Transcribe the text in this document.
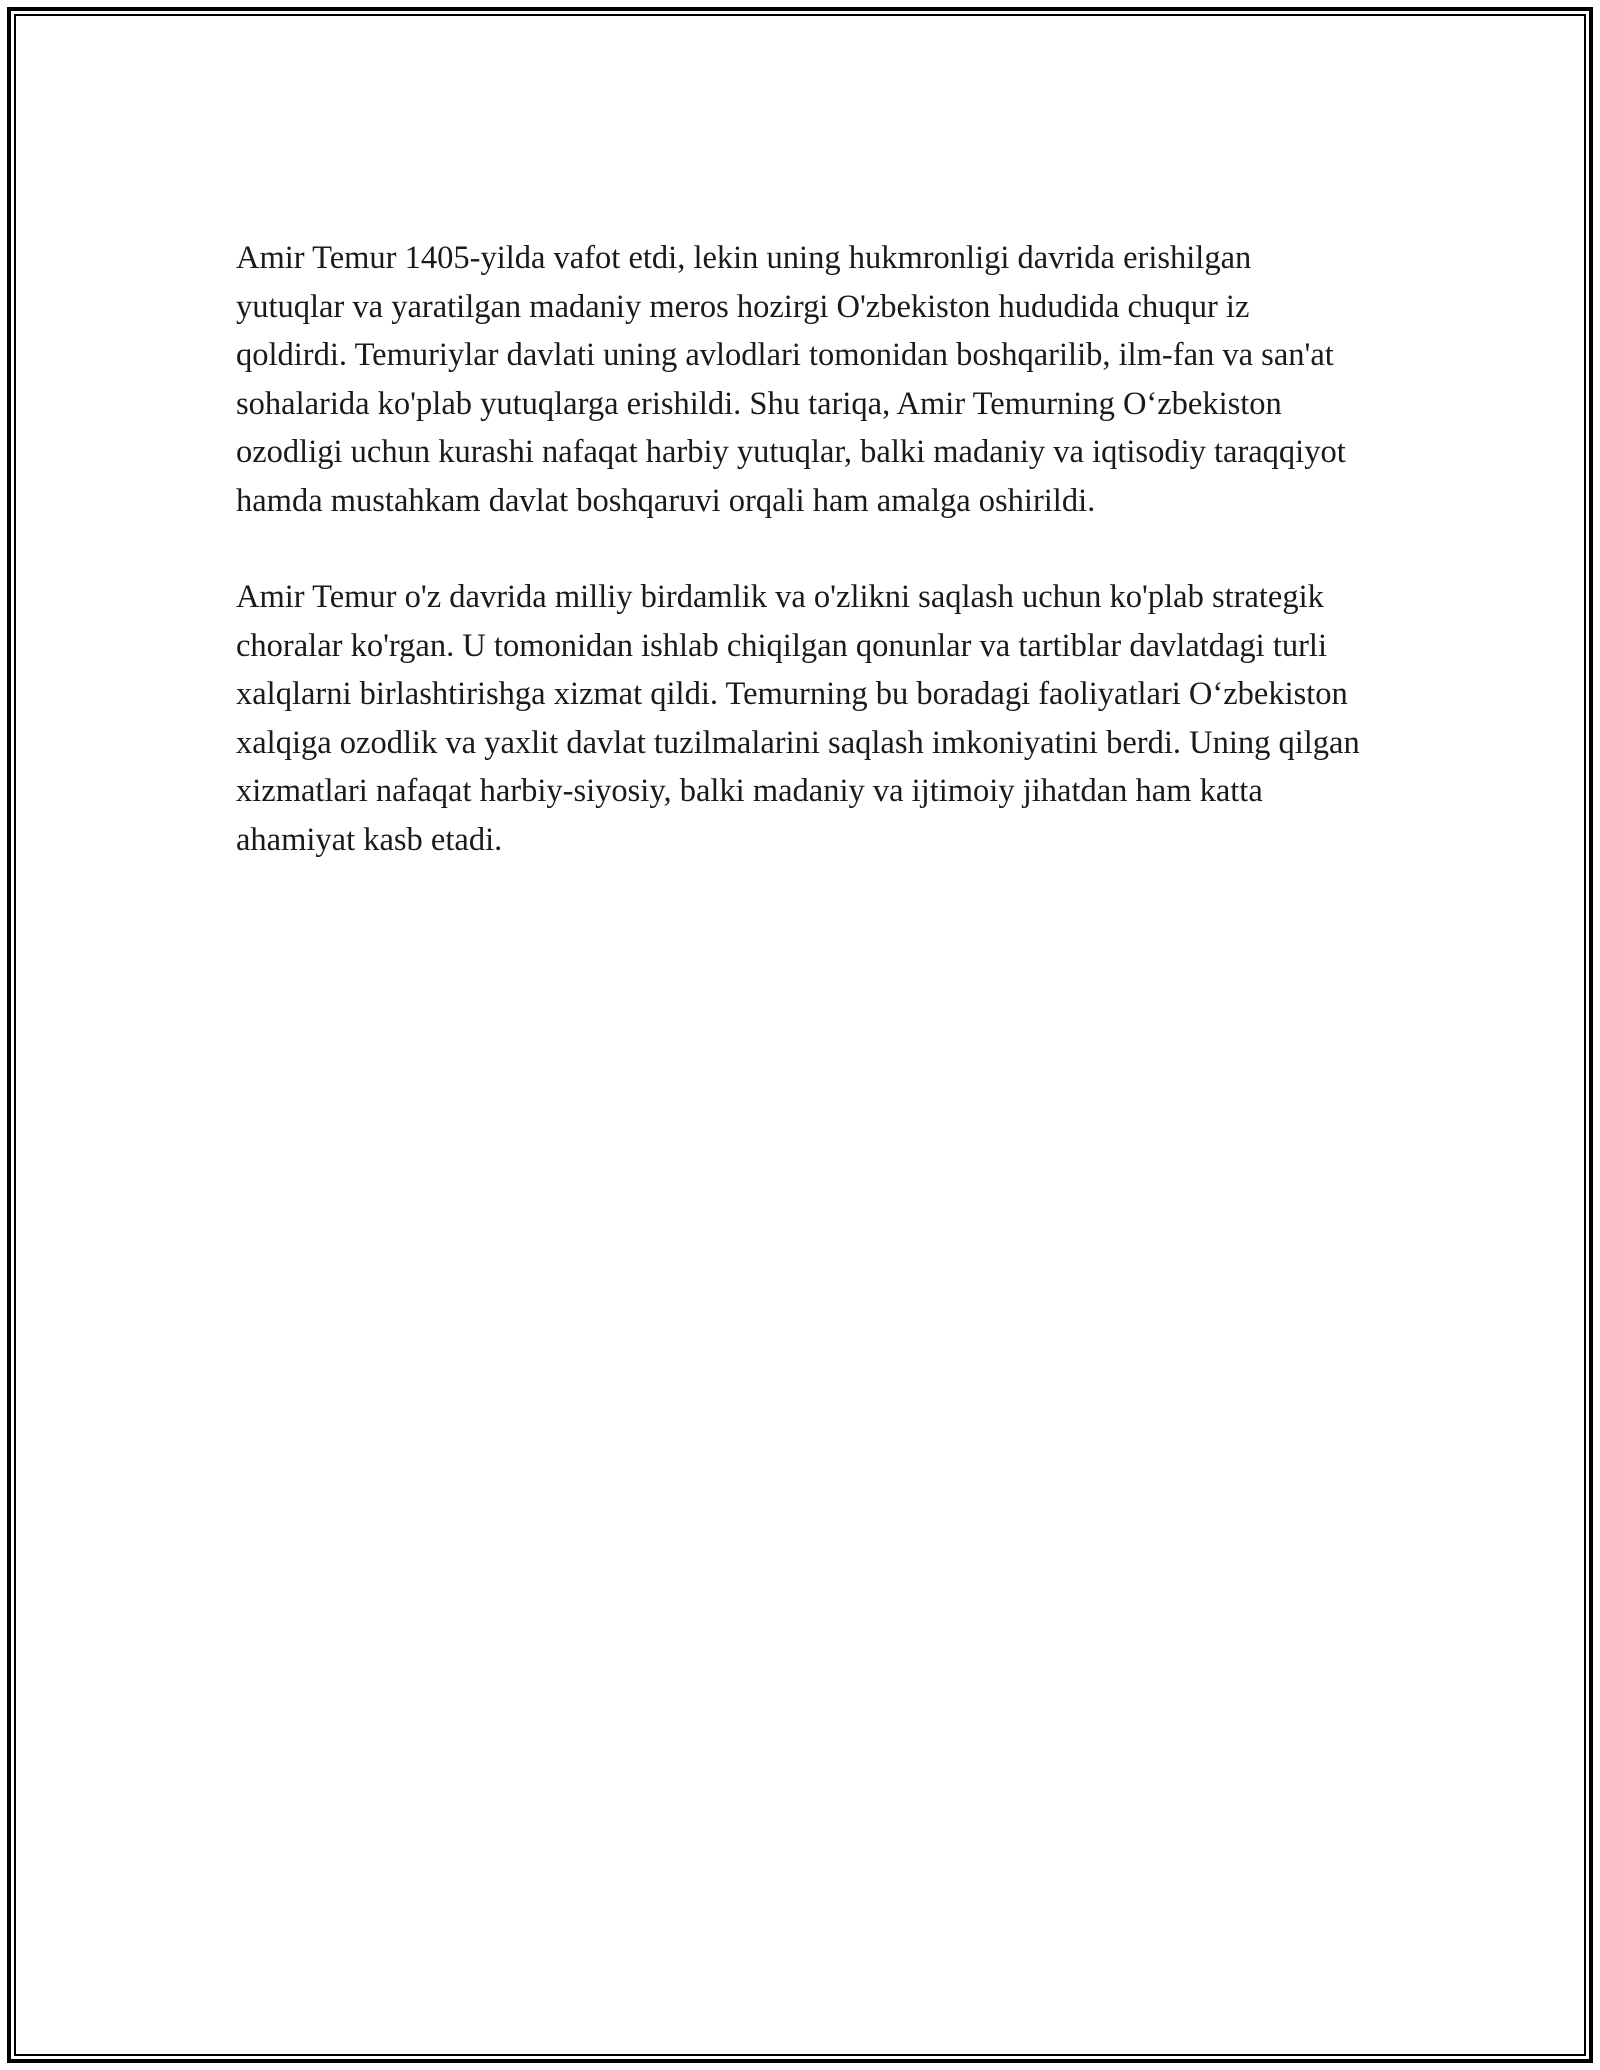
Amir Temur 1405-yilda vafot etdi, lekin uning hukmronligi davrida erishilgan yutuqlar va yaratilgan madaniy meros hozirgi O'zbekiston hududida chuqur iz qoldirdi. Temuriylar davlati uning avlodlari tomonidan boshqarilib, ilm-fan va san'at sohalarida ko'plab yutuqlarga erishildi. Shu tariqa, Amir Temurning O‘zbekiston ozodligi uchun kurashi nafaqat harbiy yutuqlar, balki madaniy va iqtisodiy taraqqiyot hamda mustahkam davlat boshqaruvi orqali ham amalga oshirildi.

Amir Temur o'z davrida milliy birdamlik va o'zlikni saqlash uchun ko'plab strategik choralar ko'rgan. U tomonidan ishlab chiqilgan qonunlar va tartiblar davlatdagi turli xalqlarni birlashtirishga xizmat qildi. Temurning bu boradagi faoliyatlari O‘zbekiston xalqiga ozodlik va yaxlit davlat tuzilmalarini saqlash imkoniyatini berdi. Uning qilgan xizmatlari nafaqat harbiy-siyosiy, balki madaniy va ijtimoiy jihatdan ham katta ahamiyat kasb etadi.
